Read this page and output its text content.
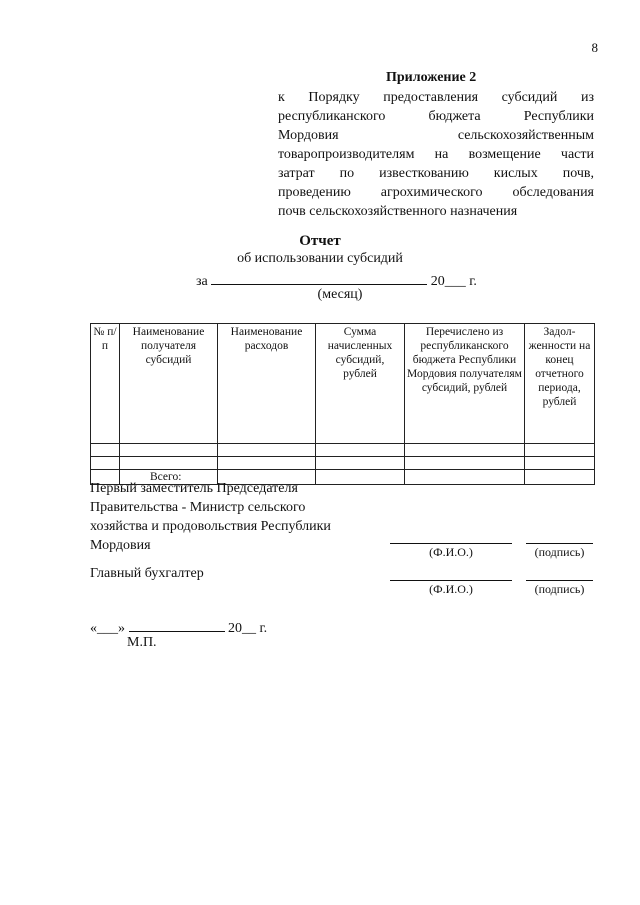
8
Приложение 2
к Порядку предоставления субсидий из
республиканского бюджета Республики
Мордовия сельскохозяйственным
товаропроизводителям на возмещение части
затрат по известкованию кислых почв,
проведению агрохимического обследования
почв сельскохозяйственного назначения
Отчет
об использовании субсидий
за	20___ г.
(месяц)
№ п/п	Наименование получателя субсидий	Наименование расходов	Сумма начисленных субсидий, рублей	Перечислено из республиканского бюджета Республики Мордовия получателям субсидий, рублей	Задол-женности на конец отчетного периода, рублей

	Всего:				
Первый заместитель Председателя
Правительства - Министр сельского
хозяйства и продовольствия Республики
Мордовия	(Ф.И.О.)	(подпись)
Главный бухгалтер
(Ф.И.О.)	(подпись)
«___»	20__ г.
М.П.
